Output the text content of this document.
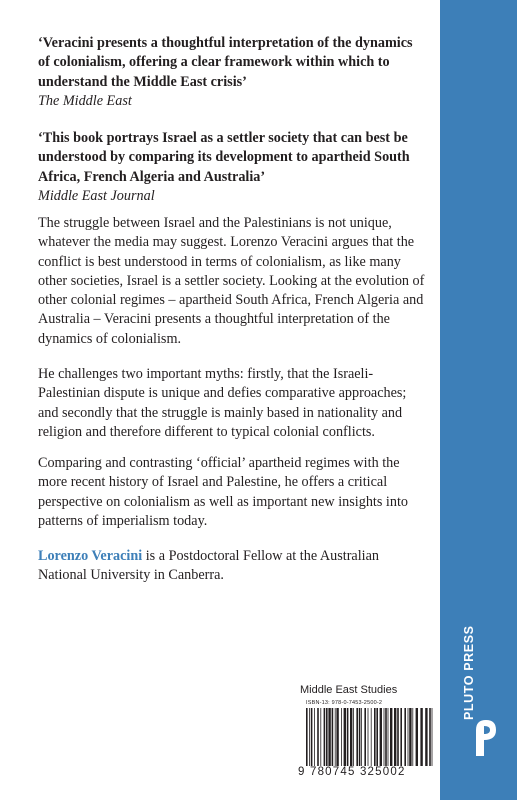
‘Veracini presents a thoughtful interpretation of the dynamics of colonialism, offering a clear framework within which to understand the Middle East crisis’
The Middle East
‘This book portrays Israel as a settler society that can best be understood by comparing its development to apartheid South Africa, French Algeria and Australia’
Middle East Journal
The struggle between Israel and the Palestinians is not unique, whatever the media may suggest. Lorenzo Veracini argues that the conflict is best understood in terms of colonialism, as like many other societies, Israel is a settler society. Looking at the evolution of other colonial regimes – apartheid South Africa, French Algeria and Australia – Veracini presents a thoughtful interpretation of the dynamics of colonialism.
He challenges two important myths: firstly, that the Israeli-Palestinian dispute is unique and defies comparative approaches; and secondly that the struggle is mainly based in nationality and religion and therefore different to typical colonial conflicts.
Comparing and contrasting ‘official’ apartheid regimes with the more recent history of Israel and Palestine, he offers a critical perspective on colonialism as well as important new insights into patterns of imperialism today.
Lorenzo Veracini is a Postdoctoral Fellow at the Australian National University in Canberra.
Middle East Studies
ISBN-13: 978-0-7453-2500-2
9 780745 325002
